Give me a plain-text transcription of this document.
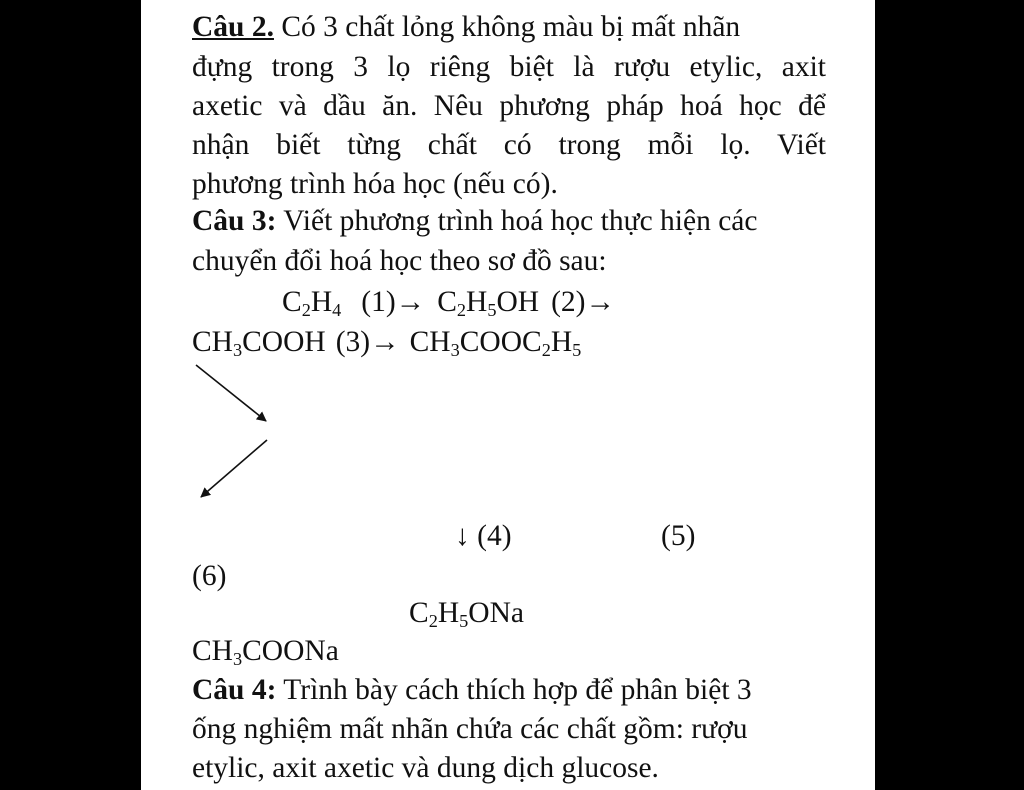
Câu 2. Có 3 chất lỏng không màu bị mất nhãn
đựng trong 3 lọ riêng biệt là rượu etylic, axit
axetic và dầu ăn. Nêu phương pháp hoá học để
nhận biết từng chất có trong mỗi lọ. Viết
phương trình hóa học (nếu có).
Câu 3: Viết phương trình hoá học thực hiện các
chuyển đổi hoá học theo sơ đồ sau:
$C_2H_4$ $(1)\to C_2H_5OH$ (2)→
$CH_3COOH$ $(3)\to CH_3COOC_2H_5$
↓ (4)	(5)
(6)
$C_2H_5ONa$
$CH_3COONa$
Câu 4: Trình bày cách thích hợp để phân biệt 3
ống nghiệm mất nhãn chứa các chất gồm: rượu
etylic, axit axetic và dung dịch glucose.
